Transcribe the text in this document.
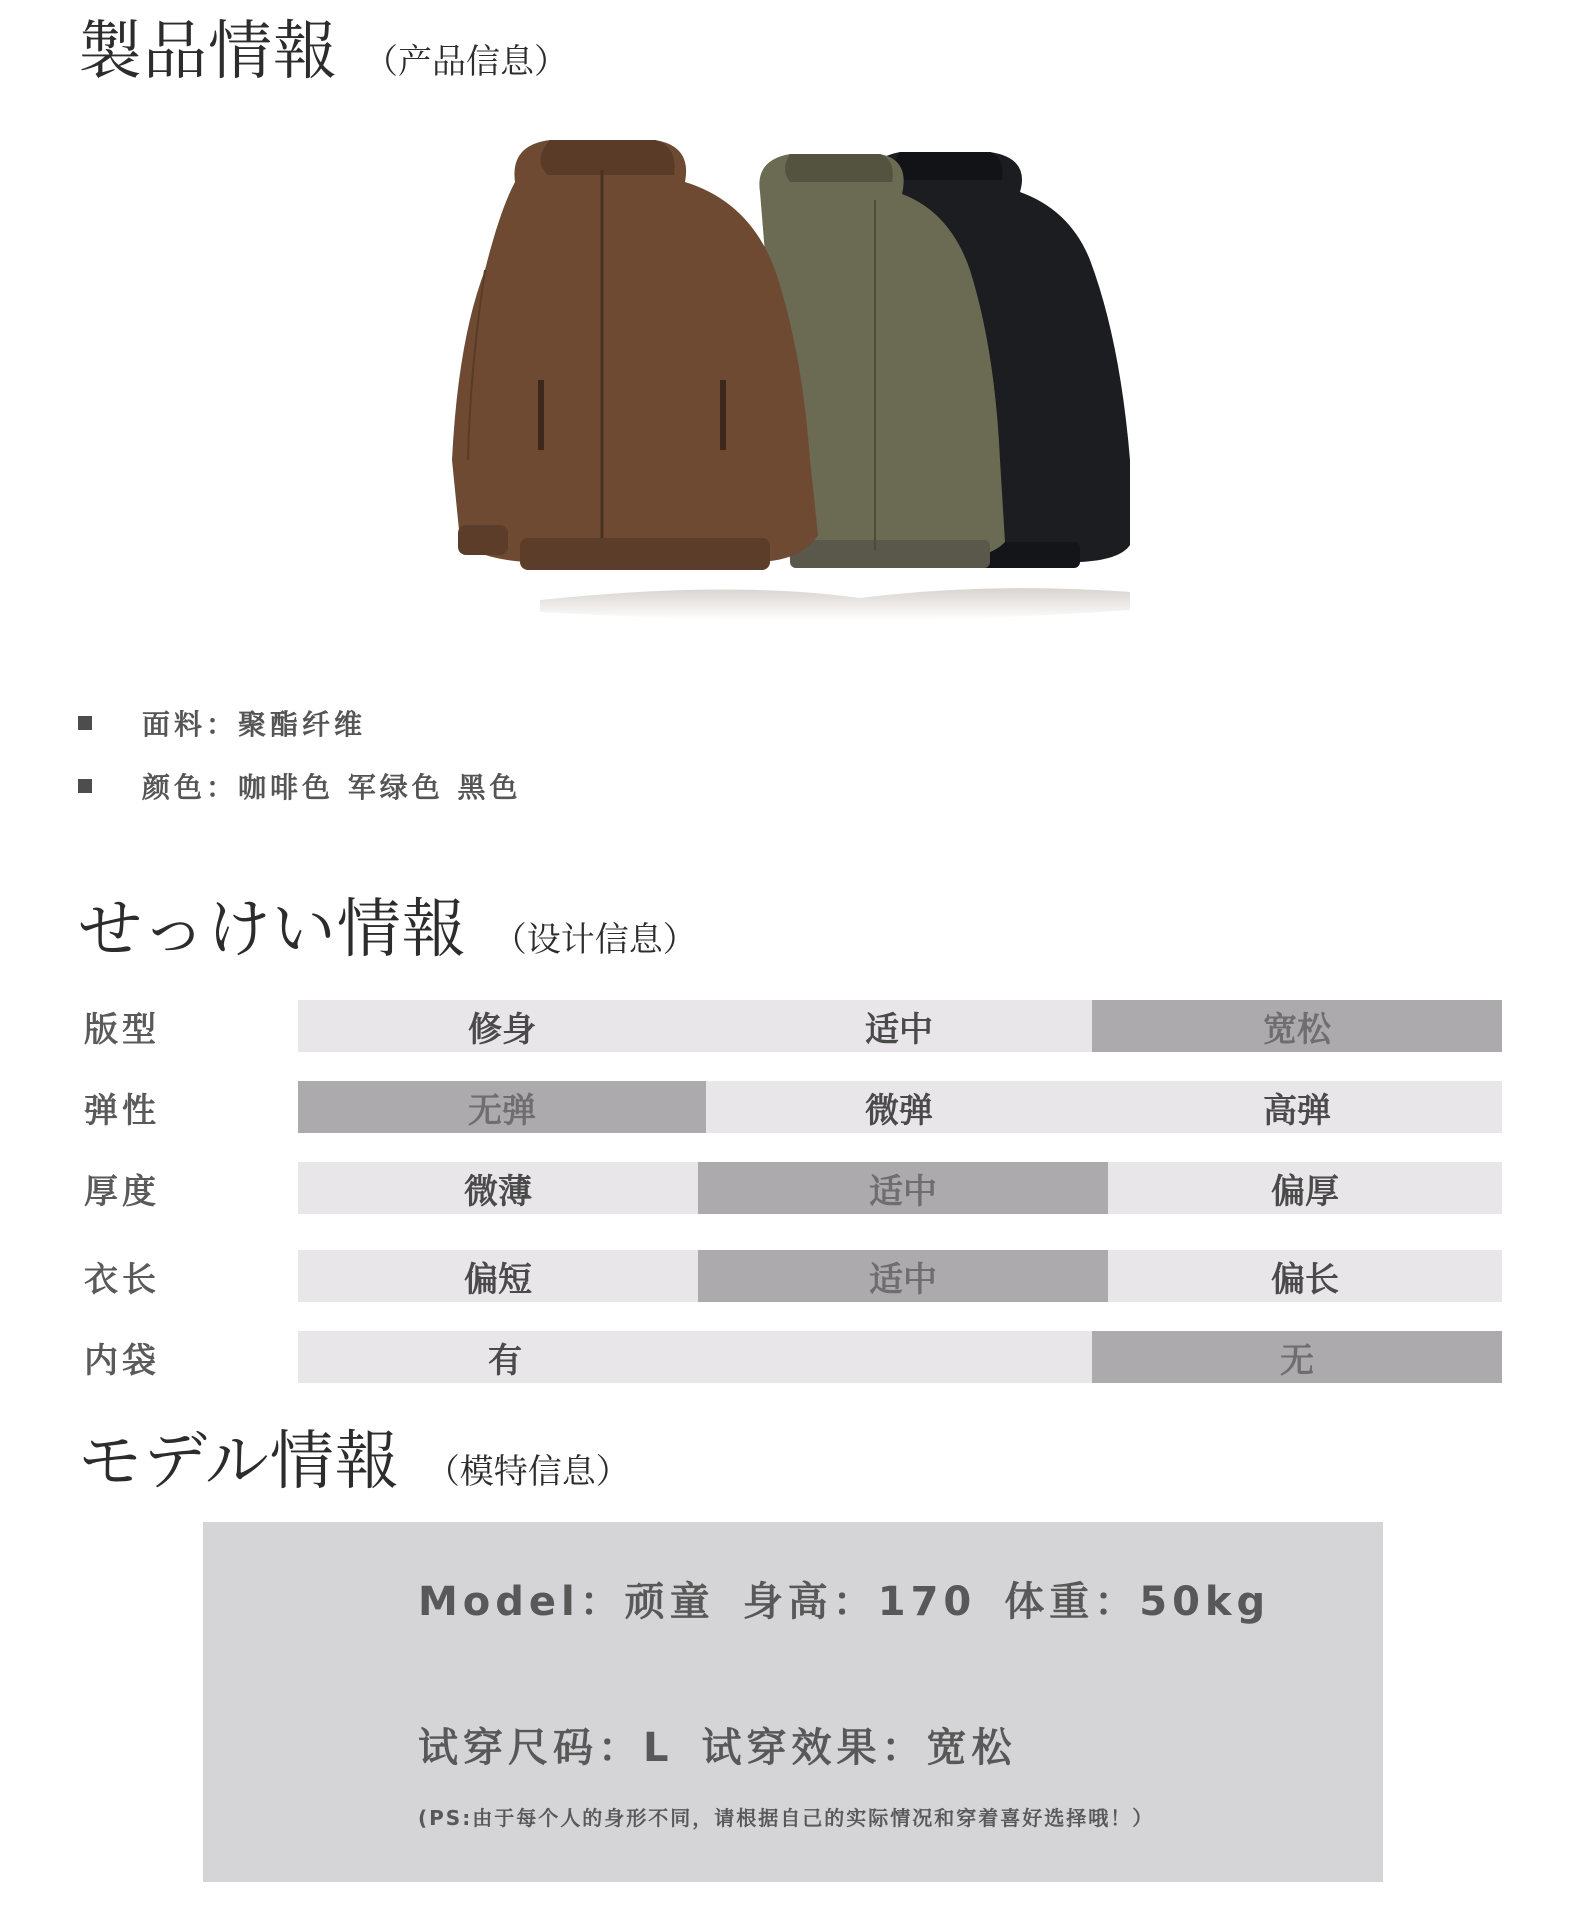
製品情報 （产品信息）
面料： 聚酯纤维
颜色： 咖啡色 军绿色 黑色
せっけい情報 （设计信息）
版型	修身	适中	宽松
弹性	无弹	微弹	高弹
厚度	微薄	适中	偏厚
衣长	偏短	适中	偏长
内袋	有	无
モデル情報 （模特信息）
Model：顽童 身高：170 体重：50kg
试穿尺码：L 试穿效果：宽松
(PS:由于每个人的身形不同，请根据自己的实际情况和穿着喜好选择哦！）
